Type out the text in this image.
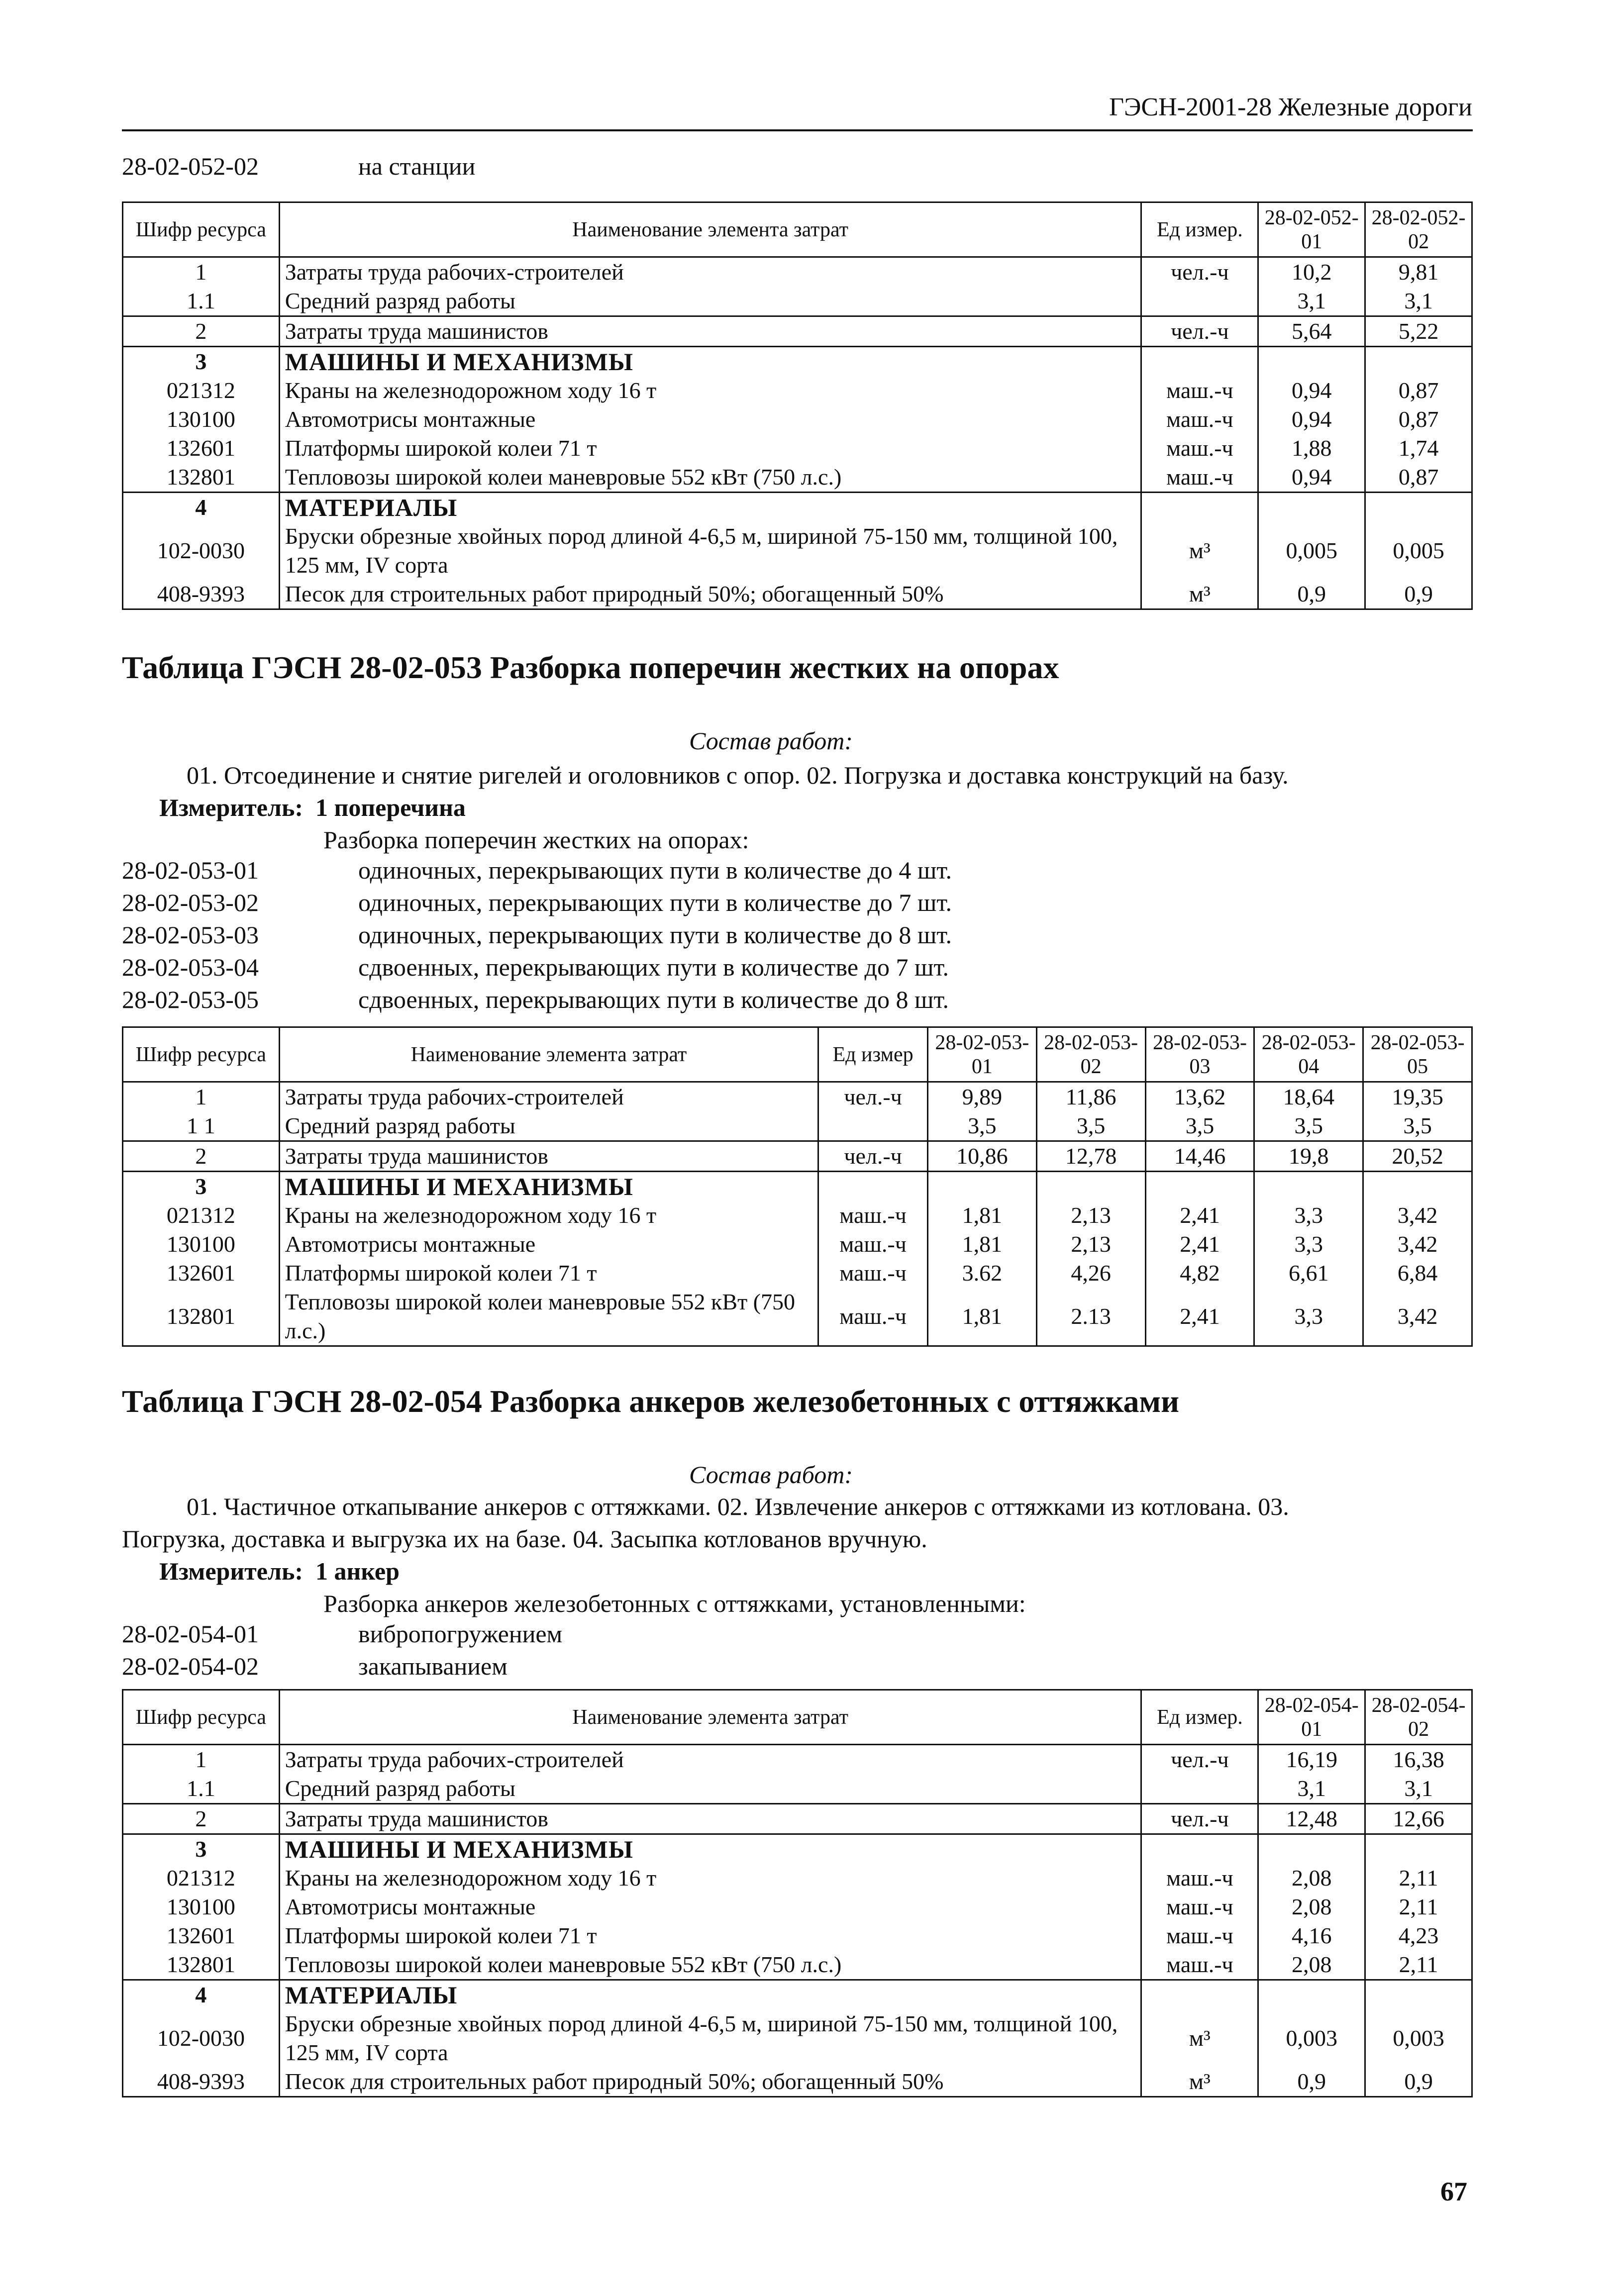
ГЭСН-2001-28 Железные дороги
28-02-052-02	на станции
Шифр ресурса	Наименование элемента затрат	Ед измер.	28-02-052-01	28-02-052-02
1	Затраты труда рабочих-строителей	чел.-ч	10,2	9,81
1.1	Средний разряд работы		3,1	3,1
2	Затраты труда машинистов	чел.-ч	5,64	5,22
3	МАШИНЫ И МЕХАНИЗМЫ			
021312	Краны на железнодорожном ходу 16 т	маш.-ч	0,94	0,87
130100	Автомотрисы монтажные	маш.-ч	0,94	0,87
132601	Платформы широкой колеи 71 т	маш.-ч	1,88	1,74
132801	Тепловозы широкой колеи маневровые 552 кВт (750 л.с.)	маш.-ч	0,94	0,87
4	МАТЕРИАЛЫ			
102-0030	Бруски обрезные хвойных пород длиной 4-6,5 м, шириной 75-150 мм, толщиной 100, 125 мм, IV сорта	м³	0,005	0,005
408-9393	Песок для строительных работ природный 50%; обогащенный 50%	м³	0,9	0,9
Таблица ГЭСН 28-02-053 Разборка поперечин жестких на опорах
Состав работ:
01. Отсоединение и снятие ригелей и оголовников с опор. 02. Погрузка и доставка конструкций на базу.
Измеритель: 1 поперечина
Разборка поперечин жестких на опорах:
28-02-053-01	одиночных, перекрывающих пути в количестве до 4 шт.
28-02-053-02	одиночных, перекрывающих пути в количестве до 7 шт.
28-02-053-03	одиночных, перекрывающих пути в количестве до 8 шт.
28-02-053-04	сдвоенных, перекрывающих пути в количестве до 7 шт.
28-02-053-05	сдвоенных, перекрывающих пути в количестве до 8 шт.
Шифр ресурса	Наименование элемента затрат	Ед измер	28-02-053-01	28-02-053-02	28-02-053-03	28-02-053-04	28-02-053-05
1	Затраты труда рабочих-строителей	чел.-ч	9,89	11,86	13,62	18,64	19,35
1 1	Средний разряд работы		3,5	3,5	3,5	3,5	3,5
2	Затраты труда машинистов	чел.-ч	10,86	12,78	14,46	19,8	20,52
3	МАШИНЫ И МЕХАНИЗМЫ						
021312	Краны на железнодорожном ходу 16 т	маш.-ч	1,81	2,13	2,41	3,3	3,42
130100	Автомотрисы монтажные	маш.-ч	1,81	2,13	2,41	3,3	3,42
132601	Платформы широкой колеи 71 т	маш.-ч	3.62	4,26	4,82	6,61	6,84
132801	Тепловозы широкой колеи маневровые 552 кВт (750 л.с.)	маш.-ч	1,81	2.13	2,41	3,3	3,42
Таблица ГЭСН 28-02-054 Разборка анкеров железобетонных с оттяжками
Состав работ:
01. Частичное откапывание анкеров с оттяжками. 02. Извлечение анкеров с оттяжками из котлована. 03.
Погрузка, доставка и выгрузка их на базе. 04. Засыпка котлованов вручную.
Измеритель: 1 анкер
Разборка анкеров железобетонных с оттяжками, установленными:
28-02-054-01	вибропогружением
28-02-054-02	закапыванием
Шифр ресурса	Наименование элемента затрат	Ед измер.	28-02-054-01	28-02-054-02
1	Затраты труда рабочих-строителей	чел.-ч	16,19	16,38
1.1	Средний разряд работы		3,1	3,1
2	Затраты труда машинистов	чел.-ч	12,48	12,66
3	МАШИНЫ И МЕХАНИЗМЫ			
021312	Краны на железнодорожном ходу 16 т	маш.-ч	2,08	2,11
130100	Автомотрисы монтажные	маш.-ч	2,08	2,11
132601	Платформы широкой колеи 71 т	маш.-ч	4,16	4,23
132801	Тепловозы широкой колеи маневровые 552 кВт (750 л.с.)	маш.-ч	2,08	2,11
4	МАТЕРИАЛЫ			
102-0030	Бруски обрезные хвойных пород длиной 4-6,5 м, шириной 75-150 мм, толщиной 100, 125 мм, IV сорта	м³	0,003	0,003
408-9393	Песок для строительных работ природный 50%; обогащенный 50%	м³	0,9	0,9
67
